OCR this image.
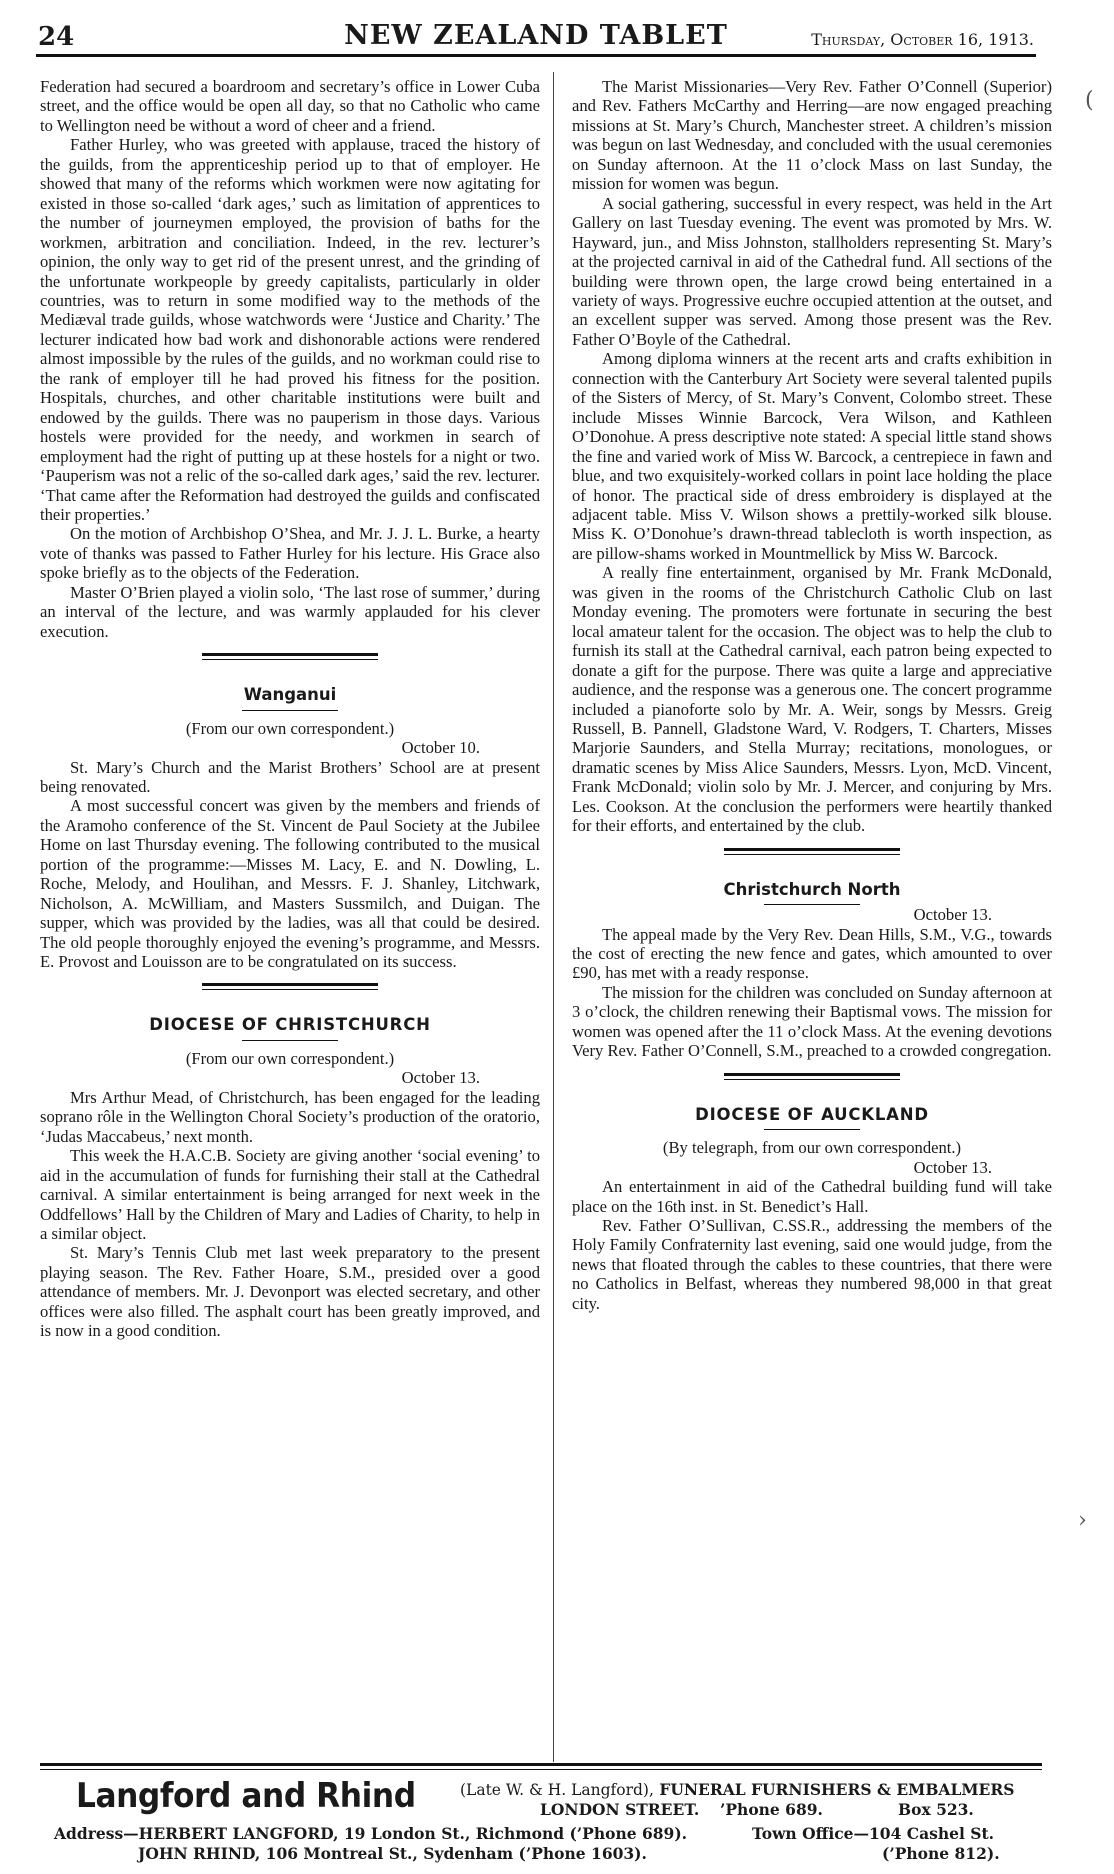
24	NEW ZEALAND TABLET	Thursday, October 16, 1913.

Federation had secured a boardroom and secretary’s office in Lower Cuba street, and the office would be open all day, so that no Catholic who came to Wellington need be without a word of cheer and a friend.

Father Hurley, who was greeted with applause, traced the history of the guilds, from the apprenticeship period up to that of employer. He showed that many of the reforms which workmen were now agitating for existed in those so-called ‘dark ages,’ such as limitation of apprentices to the number of journeymen employed, the provision of baths for the workmen, arbitration and conciliation. Indeed, in the rev. lecturer’s opinion, the only way to get rid of the present unrest, and the grinding of the unfortunate workpeople by greedy capitalists, particularly in older countries, was to return in some modified way to the methods of the Mediæval trade guilds, whose watchwords were ‘Justice and Charity.’ The lecturer indicated how bad work and dishonorable actions were rendered almost impossible by the rules of the guilds, and no workman could rise to the rank of employer till he had proved his fitness for the position. Hospitals, churches, and other charitable institutions were built and endowed by the guilds. There was no pauperism in those days. Various hostels were provided for the needy, and workmen in search of employment had the right of putting up at these hostels for a night or two. ‘Pauperism was not a relic of the so-called dark ages,’ said the rev. lecturer. ‘That came after the Reformation had destroyed the guilds and confiscated their properties.’

On the motion of Archbishop O’Shea, and Mr. J. J. L. Burke, a hearty vote of thanks was passed to Father Hurley for his lecture. His Grace also spoke briefly as to the objects of the Federation.

Master O’Brien played a violin solo, ‘The last rose of summer,’ during an interval of the lecture, and was warmly applauded for his clever execution.

Wanganui
(From our own correspondent.)
October 10.

St. Mary’s Church and the Marist Brothers’ School are at present being renovated.

A most successful concert was given by the members and friends of the Aramoho conference of the St. Vincent de Paul Society at the Jubilee Home on last Thursday evening. The following contributed to the musical portion of the programme:—Misses M. Lacy, E. and N. Dowling, L. Roche, Melody, and Houlihan, and Messrs. F. J. Shanley, Litchwark, Nicholson, A. McWilliam, and Masters Sussmilch, and Duigan. The supper, which was provided by the ladies, was all that could be desired. The old people thoroughly enjoyed the evening’s programme, and Messrs. E. Provost and Louisson are to be congratulated on its success.

DIOCESE OF CHRISTCHURCH
(From our own correspondent.)
October 13.

Mrs Arthur Mead, of Christchurch, has been engaged for the leading soprano rôle in the Wellington Choral Society’s production of the oratorio, ‘Judas Maccabeus,’ next month.

This week the H.A.C.B. Society are giving another ‘social evening’ to aid in the accumulation of funds for furnishing their stall at the Cathedral carnival. A similar entertainment is being arranged for next week in the Oddfellows’ Hall by the Children of Mary and Ladies of Charity, to help in a similar object.

St. Mary’s Tennis Club met last week preparatory to the present playing season. The Rev. Father Hoare, S.M., presided over a good attendance of members. Mr. J. Devonport was elected secretary, and other offices were also filled. The asphalt court has been greatly improved, and is now in a good condition.

The Marist Missionaries—Very Rev. Father O’Connell (Superior) and Rev. Fathers McCarthy and Herring—are now engaged preaching missions at St. Mary’s Church, Manchester street. A children’s mission was begun on last Wednesday, and concluded with the usual ceremonies on Sunday afternoon. At the 11 o’clock Mass on last Sunday, the mission for women was begun.

A social gathering, successful in every respect, was held in the Art Gallery on last Tuesday evening. The event was promoted by Mrs. W. Hayward, jun., and Miss Johnston, stallholders representing St. Mary’s at the projected carnival in aid of the Cathedral fund. All sections of the building were thrown open, the large crowd being entertained in a variety of ways. Progressive euchre occupied attention at the outset, and an excellent supper was served. Among those present was the Rev. Father O’Boyle of the Cathedral.

Among diploma winners at the recent arts and crafts exhibition in connection with the Canterbury Art Society were several talented pupils of the Sisters of Mercy, of St. Mary’s Convent, Colombo street. These include Misses Winnie Barcock, Vera Wilson, and Kathleen O’Donohue. A press descriptive note stated: A special little stand shows the fine and varied work of Miss W. Barcock, a centrepiece in fawn and blue, and two exquisitely-worked collars in point lace holding the place of honor. The practical side of dress embroidery is displayed at the adjacent table. Miss V. Wilson shows a prettily-worked silk blouse. Miss K. O’Donohue’s drawn-thread tablecloth is worth inspection, as are pillow-shams worked in Mountmellick by Miss W. Barcock.

A really fine entertainment, organised by Mr. Frank McDonald, was given in the rooms of the Christchurch Catholic Club on last Monday evening. The promoters were fortunate in securing the best local amateur talent for the occasion. The object was to help the club to furnish its stall at the Cathedral carnival, each patron being expected to donate a gift for the purpose. There was quite a large and appreciative audience, and the response was a generous one. The concert programme included a pianoforte solo by Mr. A. Weir, songs by Messrs. Greig Russell, B. Pannell, Gladstone Ward, V. Rodgers, T. Charters, Misses Marjorie Saunders, and Stella Murray; recitations, monologues, or dramatic scenes by Miss Alice Saunders, Messrs. Lyon, McD. Vincent, Frank McDonald; violin solo by Mr. J. Mercer, and conjuring by Mrs. Les. Cookson. At the conclusion the performers were heartily thanked for their efforts, and entertained by the club.

Christchurch North
October 13.

The appeal made by the Very Rev. Dean Hills, S.M., V.G., towards the cost of erecting the new fence and gates, which amounted to over £90, has met with a ready response.

The mission for the children was concluded on Sunday afternoon at 3 o’clock, the children renewing their Baptismal vows. The mission for women was opened after the 11 o’clock Mass. At the evening devotions Very Rev. Father O’Connell, S.M., preached to a crowded congregation.

DIOCESE OF AUCKLAND
(By telegraph, from our own correspondent.)
October 13.

An entertainment in aid of the Cathedral building fund will take place on the 16th inst. in St. Benedict’s Hall.

Rev. Father O’Sullivan, C.SS.R., addressing the members of the Holy Family Confraternity last evening, said one would judge, from the news that floated through the cables to these countries, that there were no Catholics in Belfast, whereas they numbered 98,000 in that great city.

(
›
Langford and Rhind	(Late W. & H. Langford), FUNERAL FURNISHERS & EMBALMERS
LONDON STREET. ’Phone 689.	Box 523.
Address—HERBERT LANGFORD, 19 London St., Richmond (’Phone 689).
JOHN RHIND, 106 Montreal St., Sydenham (’Phone 1603).
Town Office—104 Cashel St.
(’Phone 812).
